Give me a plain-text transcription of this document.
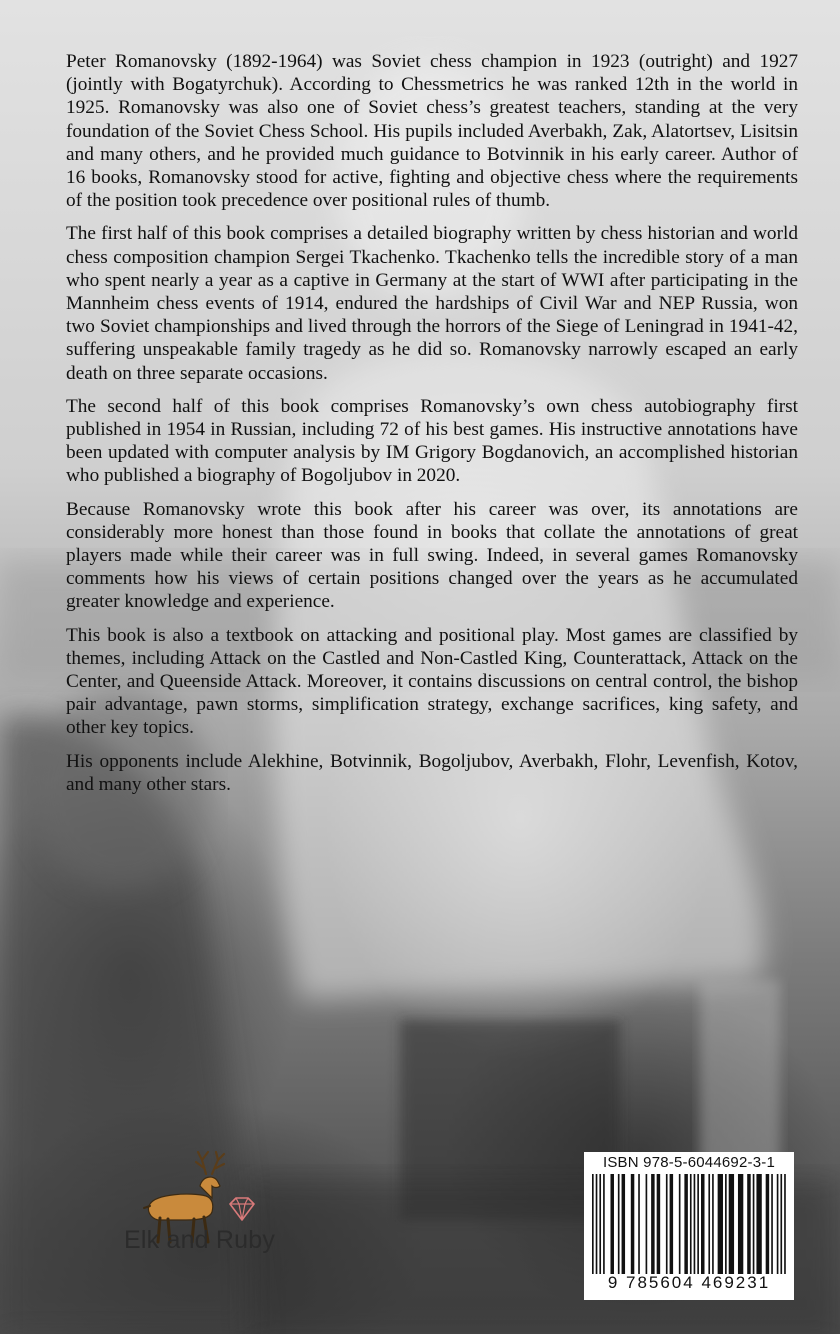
Peter Romanovsky (1892-1964) was Soviet chess champion in 1923 (outright) and 1927 (jointly with Bogatyrchuk). According to Chessmetrics he was ranked 12th in the world in 1925. Romanovsky was also one of Soviet chess’s greatest teachers, standing at the very foundation of the Soviet Chess School. His pupils included Averbakh, Zak, Alatortsev, Lisitsin and many others, and he provided much guidance to Botvinnik in his early career. Author of 16 books, Romanovsky stood for active, fighting and objective chess where the requirements of the position took precedence over positional rules of thumb.

The first half of this book comprises a detailed biography written by chess historian and world chess composition champion Sergei Tkachenko. Tkachenko tells the incredible story of a man who spent nearly a year as a captive in Germany at the start of WWI after participating in the Mannheim chess events of 1914, endured the hardships of Civil War and NEP Russia, won two Soviet championships and lived through the horrors of the Siege of Leningrad in 1941-42, suffering unspeakable family tragedy as he did so. Romanovsky narrowly escaped an early death on three separate occasions.

The second half of this book comprises Romanovsky’s own chess autobiography first published in 1954 in Russian, including 72 of his best games. His instructive annotations have been updated with computer analysis by IM Grigory Bogdanovich, an accomplished historian who published a biography of Bogoljubov in 2020.

Because Romanovsky wrote this book after his career was over, its annotations are considerably more honest than those found in books that collate the annotations of great players made while their career was in full swing. Indeed, in several games Romanovsky comments how his views of certain positions changed over the years as he accumulated greater knowledge and experience.

This book is also a textbook on attacking and positional play. Most games are classified by themes, including Attack on the Castled and Non-Castled King, Counterattack, Attack on the Center, and Queenside Attack. Moreover, it contains discussions on central control, the bishop pair advantage, pawn storms, simplification strategy, exchange sacrifices, king safety, and other key topics.

His opponents include Alekhine, Botvinnik, Bogoljubov, Averbakh, Flohr, Levenfish, Kotov, and many other stars.

Elk and Ruby
ISBN 978-5-6044692-3-1
9 785604 469231
